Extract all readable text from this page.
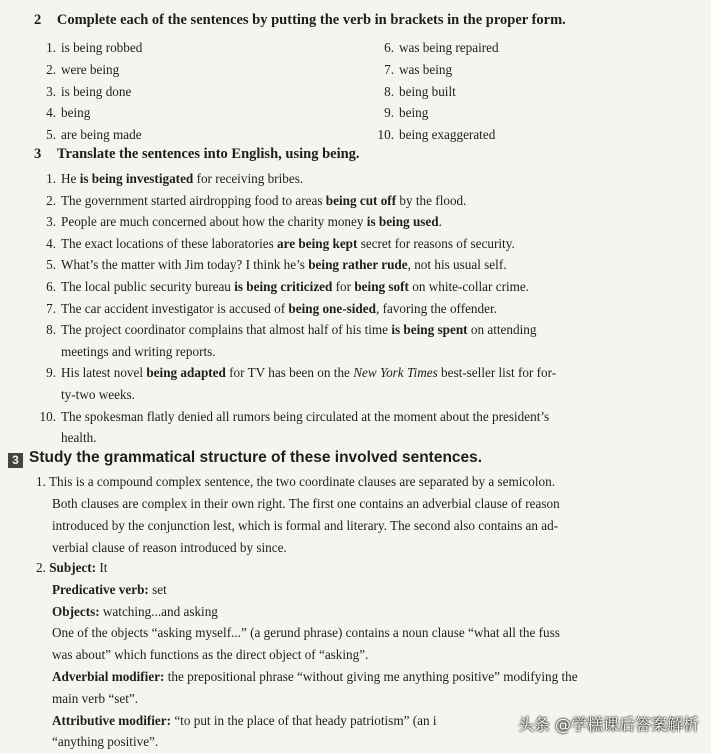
2 Complete each of the sentences by putting the verb in brackets in the proper form.
1. is being robbed
2. were being
3. is being done
4. being
5. are being made
6. was being repaired
7. was being
8. being built
9. being
10. being exaggerated
3 Translate the sentences into English, using being.
1. He is being investigated for receiving bribes.
2. The government started airdropping food to areas being cut off by the flood.
3. People are much concerned about how the charity money is being used.
4. The exact locations of these laboratories are being kept secret for reasons of security.
5. What’s the matter with Jim today? I think he’s being rather rude, not his usual self.
6. The local public security bureau is being criticized for being soft on white-collar crime.
7. The car accident investigator is accused of being one-sided, favoring the offender.
8. The project coordinator complains that almost half of his time is being spent on attending
meetings and writing reports.
9. His latest novel being adapted for TV has been on the New York Times best-seller list for for-
ty-two weeks.
10. The spokesman flatly denied all rumors being circulated at the moment about the president’s
health.
3 Study the grammatical structure of these involved sentences.
1. This is a compound complex sentence, the two coordinate clauses are separated by a semicolon.
Both clauses are complex in their own right. The first one contains an adverbial clause of reason
introduced by the conjunction lest, which is formal and literary. The second also contains an ad-
verbial clause of reason introduced by since.
2. Subject: It
Predicative verb: set
Objects: watching...and asking
One of the objects “asking myself...” (a gerund phrase) contains a noun clause “what all the fuss
was about” which functions as the direct object of “asking”.
Adverbial modifier: the prepositional phrase “without giving me anything positive” modifying the
main verb “set”.
Attributive modifier: “to put in the place of that heady patriotism” (an i
“anything positive”.
头条 @学糕课后答案解析
